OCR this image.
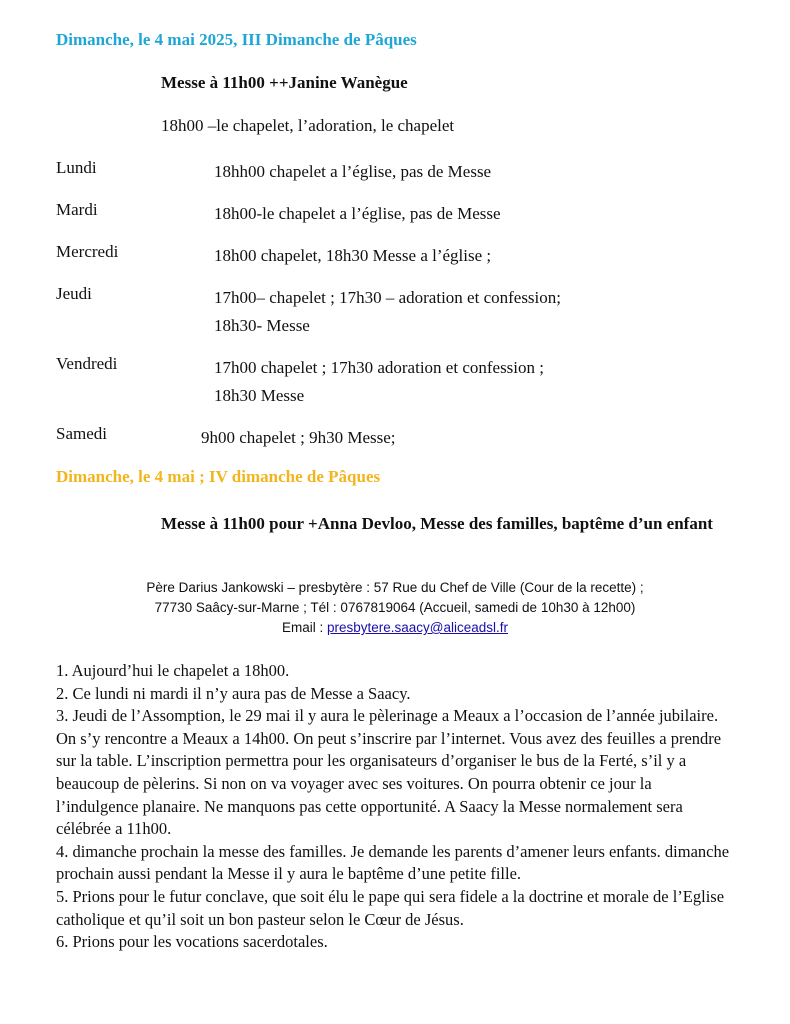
Dimanche, le 4 mai 2025, III Dimanche de Pâques
Messe à 11h00 ++Janine Wanègue
18h00 –le chapelet, l’adoration, le chapelet
Lundi	18hh00 chapelet a l’église, pas de Messe
Mardi	18h00-le chapelet a l’église, pas de Messe
Mercredi	18h00 chapelet, 18h30 Messe a l’église ;
Jeudi	17h00– chapelet ; 17h30 – adoration et confession;
18h30- Messe
Vendredi	17h00 chapelet ; 17h30 adoration et confession ;
18h30 Messe
Samedi	9h00 chapelet ; 9h30 Messe;
Dimanche, le 4 mai ; IV dimanche de Pâques
Messe à 11h00 pour +Anna Devloo, Messe des familles, baptême d’un enfant
Père Darius Jankowski – presbytère : 57 Rue du Chef de Ville (Cour de la recette) ;
77730 Saâcy-sur-Marne ; Tél : 0767819064 (Accueil, samedi de 10h30 à 12h00)
Email : presbytere.saacy@aliceadsl.fr
1. Aujourd’hui le chapelet a 18h00.
2. Ce lundi ni mardi il n’y aura pas de Messe a Saacy.
3. Jeudi de l’Assomption, le 29 mai il y aura le pèlerinage a Meaux a l’occasion de l’année jubilaire. On s’y rencontre a Meaux a 14h00. On peut s’inscrire par l’internet. Vous avez des feuilles a prendre sur la table. L’inscription permettra pour les organisateurs d’organiser le bus de la Ferté, s’il y a beaucoup de pèlerins. Si non on va voyager avec ses voitures. On pourra obtenir ce jour la l’indulgence planaire. Ne manquons pas cette opportunité. A Saacy la Messe normalement sera célébrée a 11h00.
4. dimanche prochain la messe des familles. Je demande les parents d’amener leurs enfants. dimanche prochain aussi pendant la Messe il y aura le baptême d’une petite fille.
5. Prions pour le futur conclave, que soit élu le pape qui sera fidele a la doctrine et morale de l’Eglise catholique et qu’il soit un bon pasteur selon le Cœur de Jésus.
6. Prions pour les vocations sacerdotales.
